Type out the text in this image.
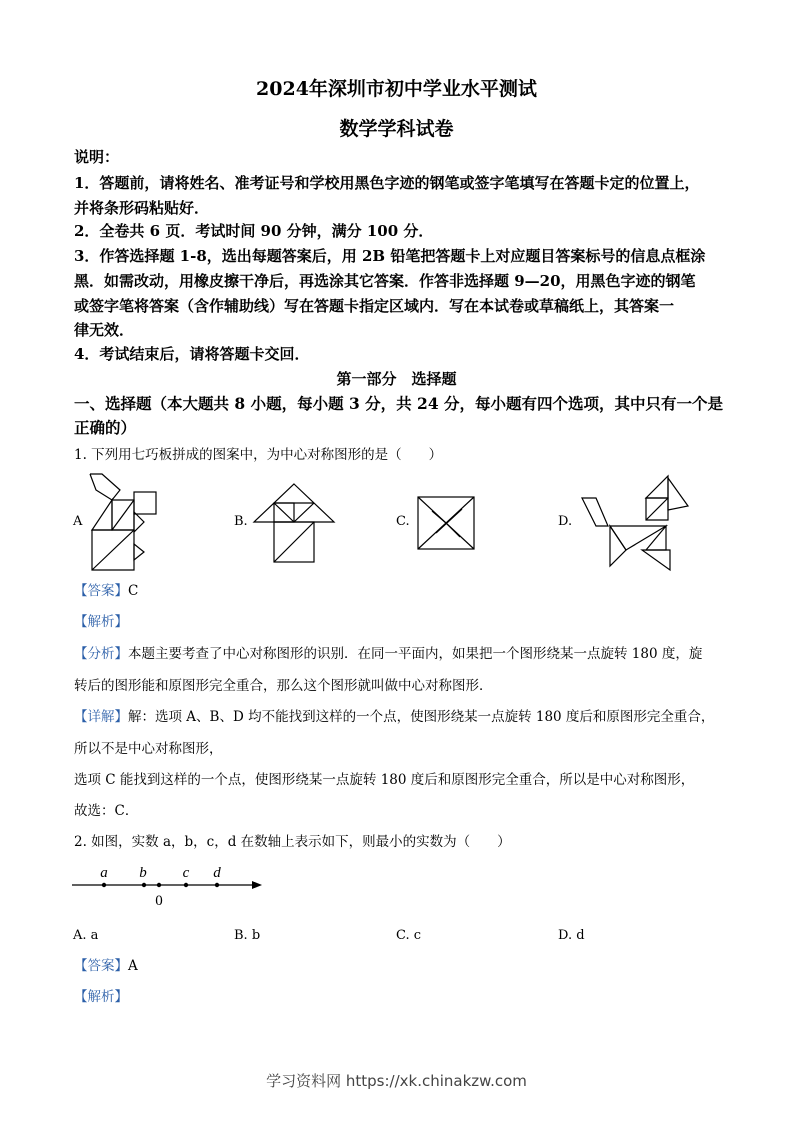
2024年深圳市初中学业水平测试
数学学科试卷
说明：
1．答题前，请将姓名、准考证号和学校用黑色字迹的钢笔或签字笔填写在答题卡定的位置上，
并将条形码粘贴好．
2．全卷共 6 页．考试时间 90 分钟，满分 100 分．
3．作答选择题 1-8，选出每题答案后，用 2B 铅笔把答题卡上对应题目答案标号的信息点框涂
黑．如需改动，用橡皮擦干净后，再选涂其它答案．作答非选择题 9—20，用黑色字迹的钢笔
或签字笔将答案（含作辅助线）写在答题卡指定区域内．写在本试卷或草稿纸上，其答案一
律无效．
4．考试结束后，请将答题卡交回．
第一部分　选择题
一、选择题（本大题共 8 小题，每小题 3 分，共 24 分，每小题有四个选项，其中只有一个是
正确的）
1. 下列用七巧板拼成的图案中，为中心对称图形的是（　　）
A	B.	C.	D.
【答案】C
【解析】
【分析】本题主要考查了中心对称图形的识别．在同一平面内，如果把一个图形绕某一点旋转 180 度，旋
转后的图形能和原图形完全重合，那么这个图形就叫做中心对称图形．
【详解】解：选项 A、B、D 均不能找到这样的一个点，使图形绕某一点旋转 180 度后和原图形完全重合，
所以不是中心对称图形，
选项 C 能找到这样的一个点，使图形绕某一点旋转 180 度后和原图形完全重合，所以是中心对称图形，
故选：C．
2. 如图，实数 a，b，c，d 在数轴上表示如下，则最小的实数为（　　）
a b c d
0
A. a	B. b	C. c	D. d
【答案】A
【解析】
学习资料网 https://xk.chinakzw.com
